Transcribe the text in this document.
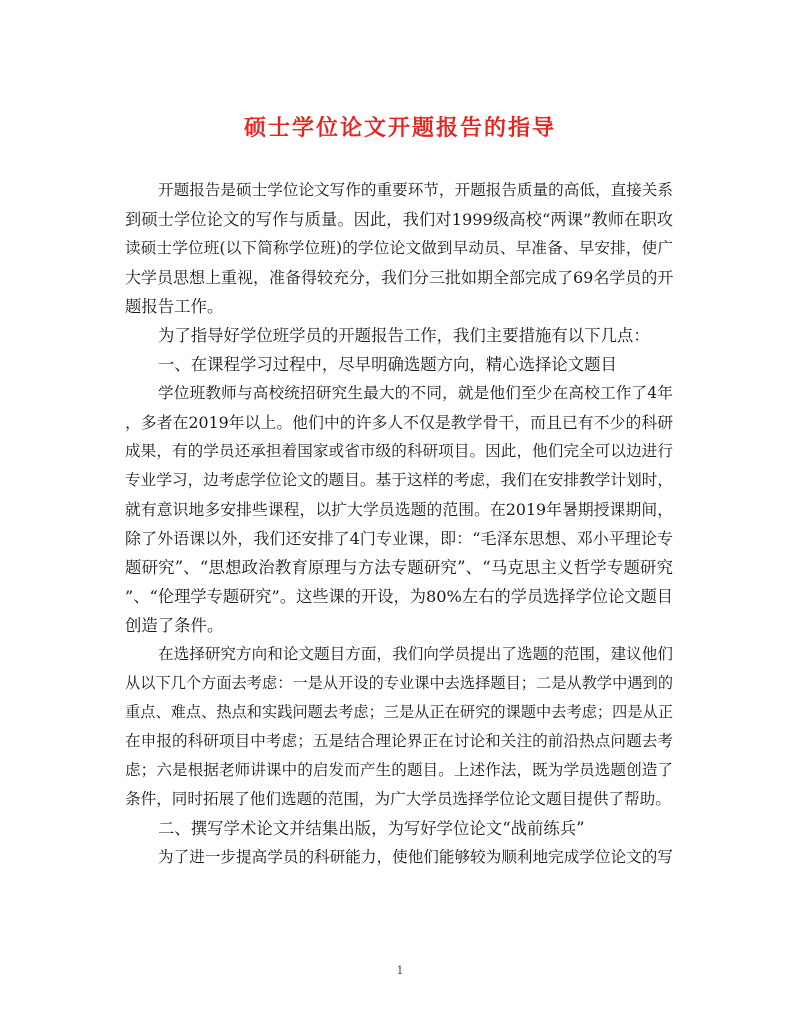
硕士学位论文开题报告的指导
开题报告是硕士学位论文写作的重要环节，开题报告质量的高低，直接关系
到硕士学位论文的写作与质量。因此，我们对1999级高校“两课”教师在职攻
读硕士学位班(以下简称学位班)的学位论文做到早动员、早准备、早安排，使广
大学员思想上重视，准备得较充分，我们分三批如期全部完成了69名学员的开
题报告工作。
为了指导好学位班学员的开题报告工作，我们主要措施有以下几点：
一、在课程学习过程中，尽早明确选题方向，精心选择论文题目
学位班教师与高校统招研究生最大的不同，就是他们至少在高校工作了4年
，多者在2019年以上。他们中的许多人不仅是教学骨干，而且已有不少的科研
成果，有的学员还承担着国家或省市级的科研项目。因此，他们完全可以边进行
专业学习，边考虑学位论文的题目。基于这样的考虑，我们在安排教学计划时，
就有意识地多安排些课程，以扩大学员选题的范围。在2019年暑期授课期间，
除了外语课以外，我们还安排了4门专业课，即：“毛泽东思想、邓小平理论专
题研究”、“思想政治教育原理与方法专题研究”、“马克思主义哲学专题研究
”、“伦理学专题研究”。这些课的开设，为80%左右的学员选择学位论文题目
创造了条件。
在选择研究方向和论文题目方面，我们向学员提出了选题的范围，建议他们
从以下几个方面去考虑：一是从开设的专业课中去选择题目；二是从教学中遇到的
重点、难点、热点和实践问题去考虑；三是从正在研究的课题中去考虑；四是从正
在申报的科研项目中考虑；五是结合理论界正在讨论和关注的前沿热点问题去考
虑；六是根据老师讲课中的启发而产生的题目。上述作法，既为学员选题创造了
条件，同时拓展了他们选题的范围，为广大学员选择学位论文题目提供了帮助。
二、撰写学术论文并结集出版，为写好学位论文“战前练兵”
为了进一步提高学员的科研能力，使他们能够较为顺利地完成学位论文的写
1
